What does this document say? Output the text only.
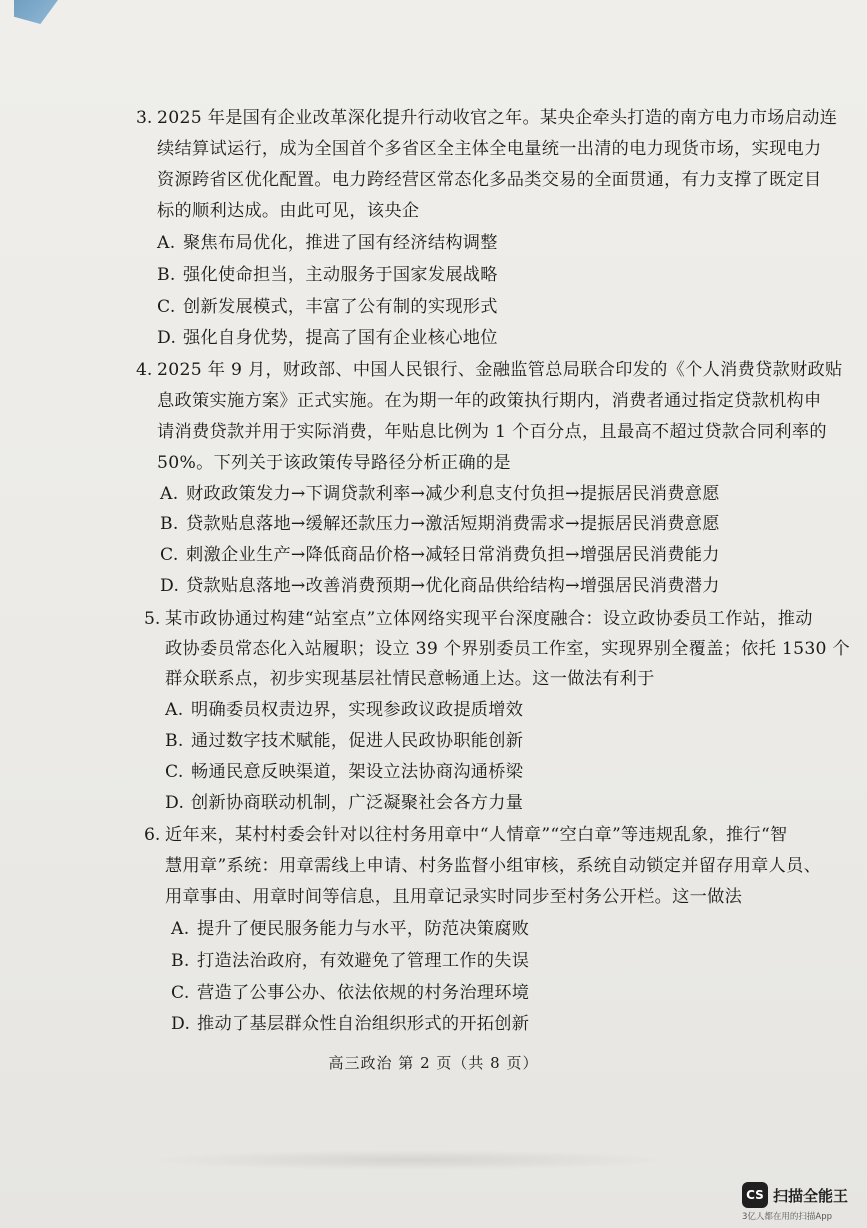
3. 2025 年是国有企业改革深化提升行动收官之年。某央企牵头打造的南方电力市场启动连
续结算试运行，成为全国首个多省区全主体全电量统一出清的电力现货市场，实现电力
资源跨省区优化配置。电力跨经营区常态化多品类交易的全面贯通，有力支撑了既定目
标的顺利达成。由此可见，该央企
A. 聚焦布局优化，推进了国有经济结构调整
B. 强化使命担当，主动服务于国家发展战略
C. 创新发展模式，丰富了公有制的实现形式
D. 强化自身优势，提高了国有企业核心地位
4. 2025 年 9 月，财政部、中国人民银行、金融监管总局联合印发的《个人消费贷款财政贴
息政策实施方案》正式实施。在为期一年的政策执行期内，消费者通过指定贷款机构申
请消费贷款并用于实际消费，年贴息比例为 1 个百分点，且最高不超过贷款合同利率的
50%。下列关于该政策传导路径分析正确的是
A. 财政政策发力→下调贷款利率→减少利息支付负担→提振居民消费意愿
B. 贷款贴息落地→缓解还款压力→激活短期消费需求→提振居民消费意愿
C. 刺激企业生产→降低商品价格→减轻日常消费负担→增强居民消费能力
D. 贷款贴息落地→改善消费预期→优化商品供给结构→增强居民消费潜力
5. 某市政协通过构建“站室点”立体网络实现平台深度融合：设立政协委员工作站，推动
政协委员常态化入站履职；设立 39 个界别委员工作室，实现界别全覆盖；依托 1530 个
群众联系点，初步实现基层社情民意畅通上达。这一做法有利于
A. 明确委员权责边界，实现参政议政提质增效
B. 通过数字技术赋能，促进人民政协职能创新
C. 畅通民意反映渠道，架设立法协商沟通桥梁
D. 创新协商联动机制，广泛凝聚社会各方力量
6. 近年来，某村村委会针对以往村务用章中“人情章”“空白章”等违规乱象，推行“智
慧用章”系统：用章需线上申请、村务监督小组审核，系统自动锁定并留存用章人员、
用章事由、用章时间等信息，且用章记录实时同步至村务公开栏。这一做法
A. 提升了便民服务能力与水平，防范决策腐败
B. 打造法治政府，有效避免了管理工作的失误
C. 营造了公事公办、依法依规的村务治理环境
D. 推动了基层群众性自治组织形式的开拓创新
高三政治 第 2 页（共 8 页）
CS 扫描全能王
3亿人都在用的扫描App
